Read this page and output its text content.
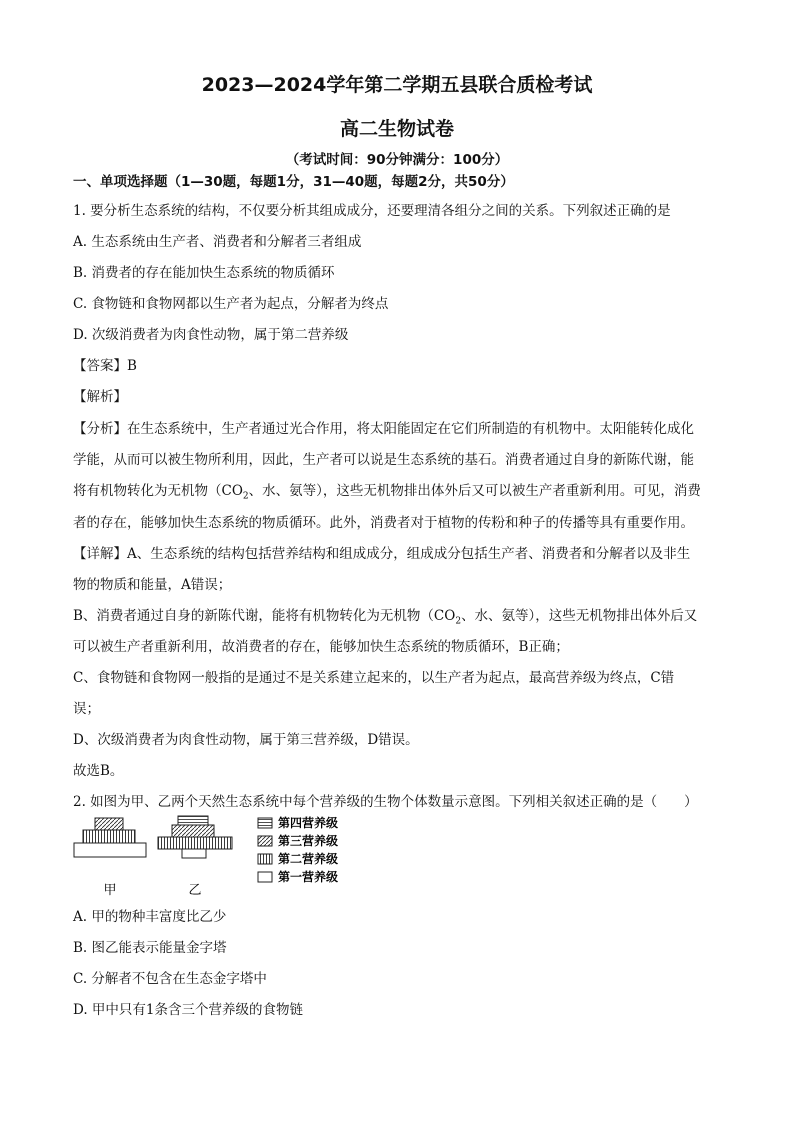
2023—2024学年第二学期五县联合质检考试
高二生物试卷
（考试时间：90分钟满分：100分）
一、单项选择题（1—30题，每题1分，31—40题，每题2分，共50分）
1. 要分析生态系统的结构，不仅要分析其组成成分，还要理清各组分之间的关系。下列叙述正确的是
A. 生态系统由生产者、消费者和分解者三者组成
B. 消费者的存在能加快生态系统的物质循环
C. 食物链和食物网都以生产者为起点，分解者为终点
D. 次级消费者为肉食性动物，属于第二营养级
【答案】B
【解析】
【分析】在生态系统中，生产者通过光合作用，将太阳能固定在它们所制造的有机物中。太阳能转化成化
学能，从而可以被生物所利用，因此，生产者可以说是生态系统的基石。消费者通过自身的新陈代谢，能
将有机物转化为无机物（$CO_2$、水、氨等），这些无机物排出体外后又可以被生产者重新利用。可见，消费
者的存在，能够加快生态系统的物质循环。此外，消费者对于植物的传粉和种子的传播等具有重要作用。
【详解】A、生态系统的结构包括营养结构和组成成分，组成成分包括生产者、消费者和分解者以及非生
物的物质和能量，A错误；
B、消费者通过自身的新陈代谢，能将有机物转化为无机物（$CO_2$、水、氨等），这些无机物排出体外后又
可以被生产者重新利用，故消费者的存在，能够加快生态系统的物质循环，B正确；
C、食物链和食物网一般指的是通过不是关系建立起来的，以生产者为起点，最高营养级为终点，C错
误；
D、次级消费者为肉食性动物，属于第三营养级，D错误。
故选B。
2. 如图为甲、乙两个天然生态系统中每个营养级的生物个体数量示意图。下列相关叙述正确的是（　　）
甲	乙
第四营养级
第三营养级
第二营养级
第一营养级
A. 甲的物种丰富度比乙少
B. 图乙能表示能量金字塔
C. 分解者不包含在生态金字塔中
D. 甲中只有1条含三个营养级的食物链
